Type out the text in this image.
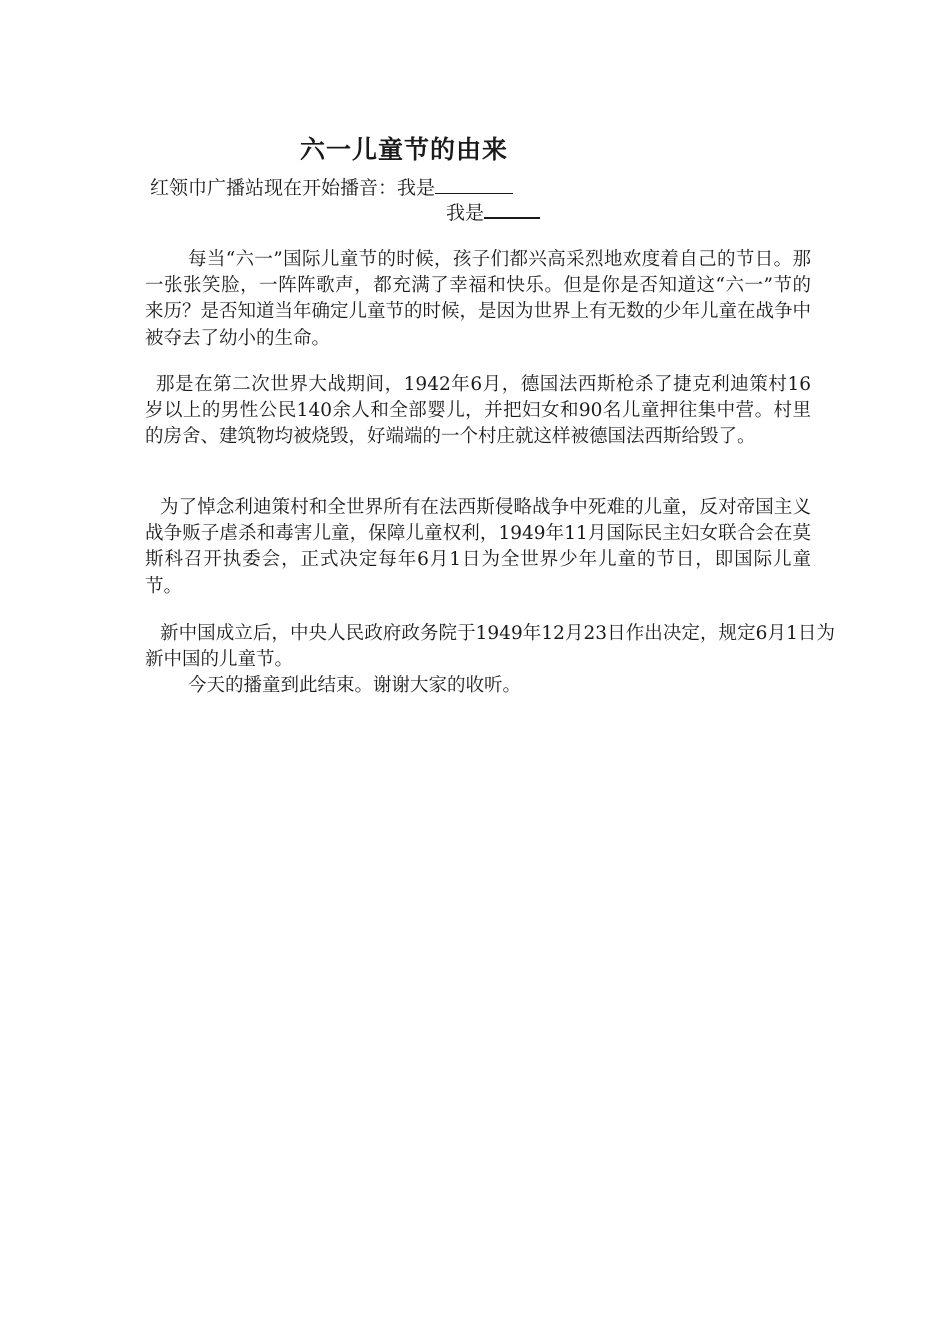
六一儿童节的由来
红领巾广播站现在开始播音：我是
我是

每当“六一”国际儿童节的时候，孩子们都兴高采烈地欢度着自己的节日。那一张张笑脸，一阵阵歌声，都充满了幸福和快乐。但是你是否知道这“六一”节的来历？是否知道当年确定儿童节的时候，是因为世界上有无数的少年儿童在战争中被夺去了幼小的生命。

那是在第二次世界大战期间，1942年6月，德国法西斯枪杀了捷克利迪策村16岁以上的男性公民140余人和全部婴儿，并把妇女和90名儿童押往集中营。村里的房舍、建筑物均被烧毁，好端端的一个村庄就这样被德国法西斯给毁了。

为了悼念利迪策村和全世界所有在法西斯侵略战争中死难的儿童，反对帝国主义战争贩子虐杀和毒害儿童，保障儿童权利，1949年11月国际民主妇女联合会在莫斯科召开执委会，正式决定每年6月1日为全世界少年儿童的节日，即国际儿童节。

新中国成立后，中央人民政府政务院于1949年12月23日作出决定，规定6月1日为新中国的儿童节。

今天的播童到此结束。谢谢大家的收听。
